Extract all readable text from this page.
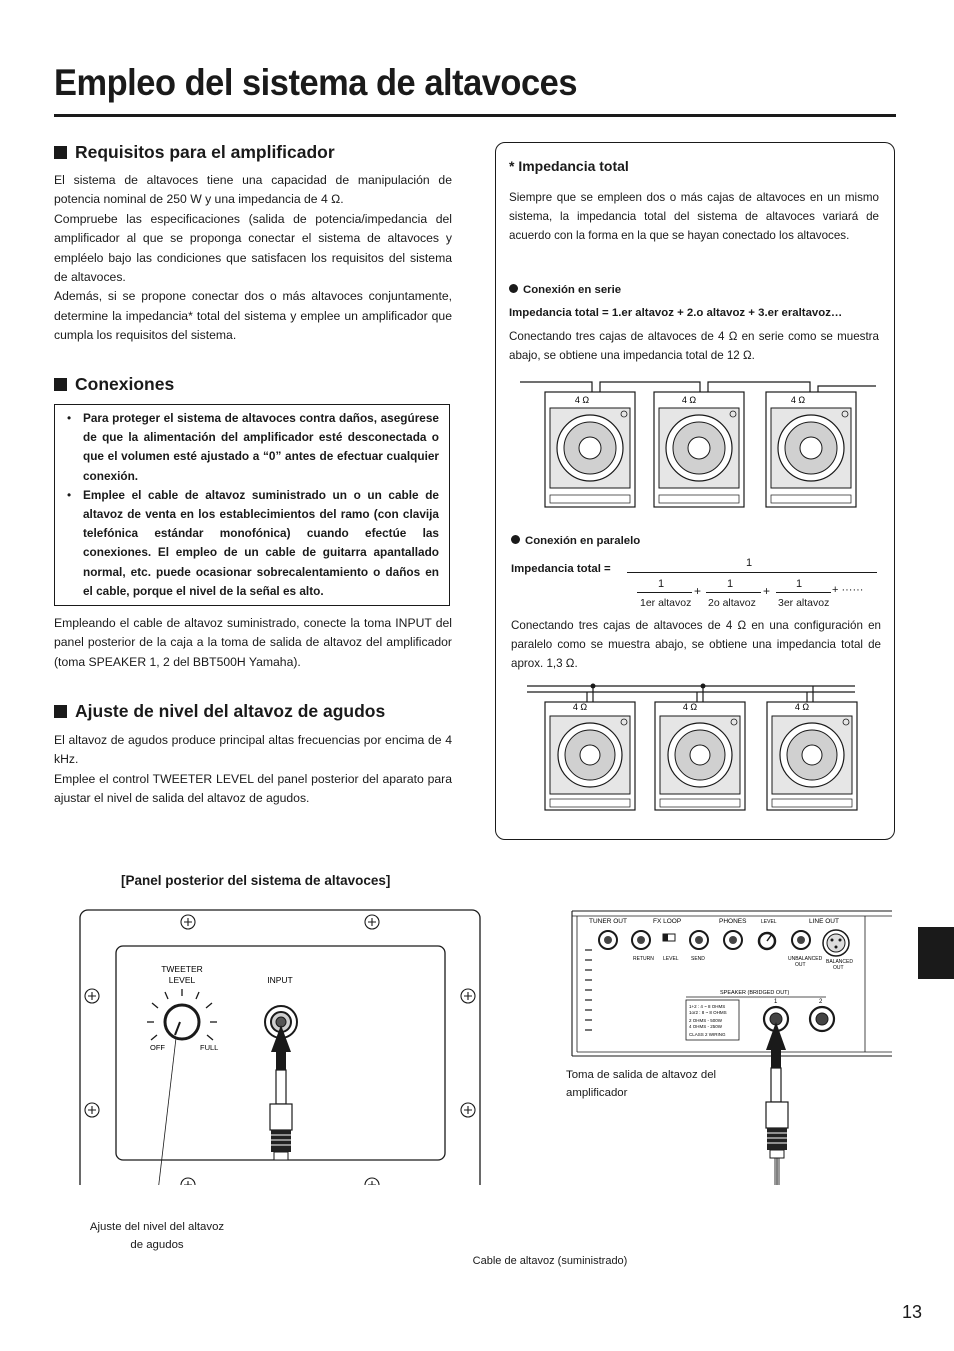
Empleo del sistema de altavoces
Requisitos para el amplificador

El sistema de altavoces tiene una capacidad de manipulación de potencia nominal de 250 W y una impedancia de 4 Ω.

Compruebe las especificaciones (salida de potencia/impedancia del amplificador al que se proponga conectar el sistema de altavoces y empléelo bajo las condiciones que satisfacen los requisitos del sistema de altavoces.

Además, si se propone conectar dos o más altavoces conjuntamente, determine la impedancia* total del sistema y emplee un amplificador que cumpla los requisitos del sistema.

Conexiones
• Para proteger el sistema de altavoces contra daños, asegúrese de que la alimentación del amplificador esté desconectada o que el volumen esté ajustado a “0” antes de efectuar cualquier conexión.
• Emplee el cable de altavoz suministrado un o un cable de altavoz de venta en los establecimientos del ramo (con clavija telefónica estándar monofónica) cuando efectúe las conexiones. El empleo de un cable de guitarra apantallado normal, etc. puede ocasionar sobrecalentamiento o daños en el cable, porque el nivel de la señal es alto.

Empleando el cable de altavoz suministrado, conecte la toma INPUT del panel posterior de la caja a la toma de salida de altavoz del amplificador (toma SPEAKER 1, 2 del BBT500H Yamaha).

Ajuste de nivel del altavoz de agudos

El altavoz de agudos produce principal altas frecuencias por encima de 4 kHz.

Emplee el control TWEETER LEVEL del panel posterior del aparato para ajustar el nivel de salida del altavoz de agudos.

* Impedancia total
Siempre que se empleen dos o más cajas de altavoces en un mismo sistema, la impedancia total del sistema de altavoces variará de acuerdo con la forma en la que se hayan conectado los altavoces.
Conexión en serie
Impedancia total = 1.er altavoz + 2.o altavoz + 3.er eraltavoz…
Conectando tres cajas de altavoces de 4 Ω en serie como se muestra abajo, se obtiene una impedancia total de 12 Ω.
4 Ω	4 Ω	4 Ω
Conexión en paralelo
Impedancia total =	1
1	1	1
+	+	+ ······
1er altavoz 2o altavoz 3er altavoz
Conectando tres cajas de altavoces de 4 Ω en una configuración en paralelo como se muestra abajo, se obtiene una impedancia total de aprox. 1,3 Ω.
4 Ω	4 Ω	4 Ω
[Panel posterior del sistema de altavoces]
TWEETER
LEVEL
OFF	FULL
INPUT
TUNER OUT	FX LOOP	PHONES	LEVEL	LINE OUT
RETURN LEVEL SEND	UNBALANCED
OUT	BALANCED
OUT
SPEAKER (BRIDGED OUT)
1	2
1+2 : 4 ~ 8 OHMS
1or2 : 8 ~ 8 OHMS
2 OHMS - 500W
4 OHMS - 250W
CLASS 2 WIRING
Toma de salida de altavoz del
amplificador
Ajuste del nivel del altavoz
de agudos
Cable de altavoz (suministrado)
13
